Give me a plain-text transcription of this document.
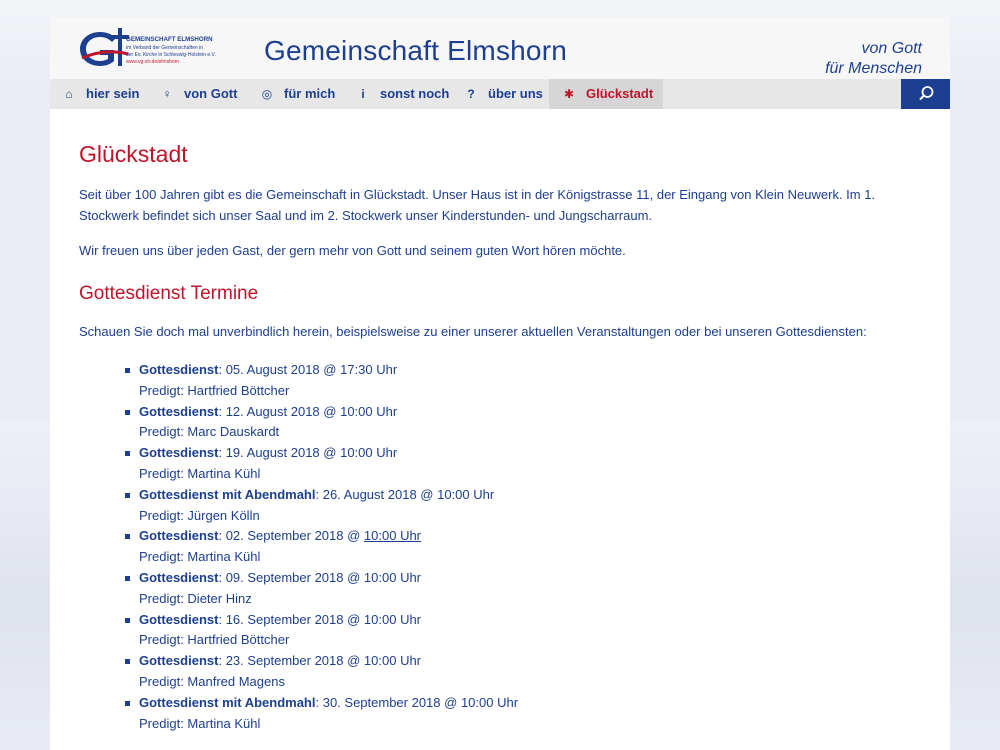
GEMEINSCHAFT ELMSHORN
im Verband der Gemeinschaften in
der Ev. Kirche in Schleswig-Holstein e.V.
www.vg-sh.de/elmshorn	Gemeinschaft Elmshorn	von Gott
für Menschen
⌂ hier sein	♀ von Gott	◎ für mich	i sonst noch	? über uns	✱ Glückstadt
Glückstadt

Seit über 100 Jahren gibt es die Gemeinschaft in Glückstadt. Unser Haus ist in der Königstrasse 11, der Eingang von Klein Neuwerk. Im 1. Stockwerk befindet sich unser Saal und im 2. Stockwerk unser Kinderstunden- und Jungscharraum.

Wir freuen uns über jeden Gast, der gern mehr von Gott und seinem guten Wort hören möchte.

Gottesdienst Termine

Schauen Sie doch mal unverbindlich herein, beispielsweise zu einer unserer aktuellen Veranstaltungen oder bei unseren Gottesdiensten:

Gottesdienst: 05. August 2018 @ 17:30 Uhr
Predigt: Hartfried Böttcher
Gottesdienst: 12. August 2018 @ 10:00 Uhr
Predigt: Marc Dauskardt
Gottesdienst: 19. August 2018 @ 10:00 Uhr
Predigt: Martina Kühl
Gottesdienst mit Abendmahl: 26. August 2018 @ 10:00 Uhr
Predigt: Jürgen Kölln
Gottesdienst: 02. September 2018 @ 10:00 Uhr
Predigt: Martina Kühl
Gottesdienst: 09. September 2018 @ 10:00 Uhr
Predigt: Dieter Hinz
Gottesdienst: 16. September 2018 @ 10:00 Uhr
Predigt: Hartfried Böttcher
Gottesdienst: 23. September 2018 @ 10:00 Uhr
Predigt: Manfred Magens
Gottesdienst mit Abendmahl: 30. September 2018 @ 10:00 Uhr
Predigt: Martina Kühl
